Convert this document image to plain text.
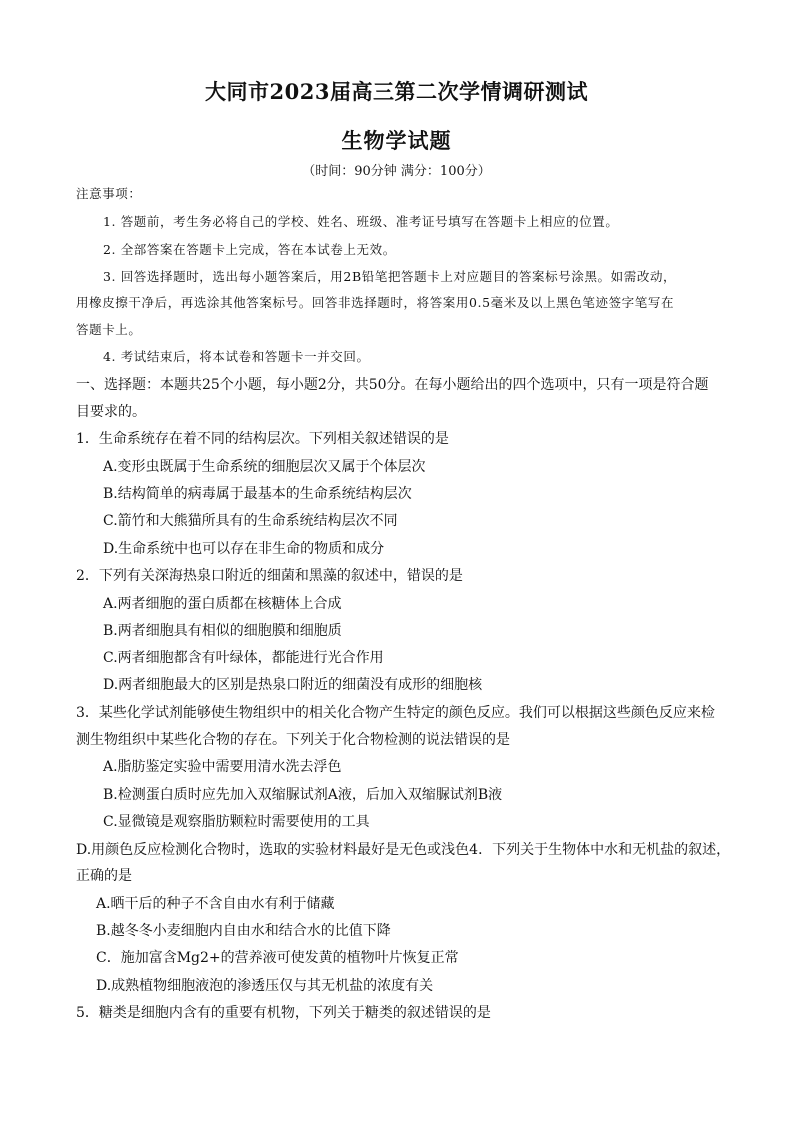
大同市2023届高三第二次学情调研测试
生物学试题
（时间：90分钟 满分：100分）
注意事项：
1. 答题前，考生务必将自己的学校、姓名、班级、准考证号填写在答题卡上相应的位置。
2. 全部答案在答题卡上完成，答在本试卷上无效。
3. 回答选择题时，选出每小题答案后，用2B铅笔把答题卡上对应题目的答案标号涂黑。如需改动，
用橡皮擦干净后，再选涂其他答案标号。回答非选择题时，将答案用0.5毫米及以上黑色笔迹签字笔写在
答题卡上。
4. 考试结束后，将本试卷和答题卡一并交回。
一、选择题：本题共25个小题，每小题2分，共50分。在每小题给出的四个选项中，只有一项是符合题
目要求的。
1．生命系统存在着不同的结构层次。下列相关叙述错误的是
A.变形虫既属于生命系统的细胞层次又属于个体层次
B.结构简单的病毒属于最基本的生命系统结构层次
C.箭竹和大熊猫所具有的生命系统结构层次不同
D.生命系统中也可以存在非生命的物质和成分
2．下列有关深海热泉口附近的细菌和黑藻的叙述中，错误的是
A.两者细胞的蛋白质都在核糖体上合成
B.两者细胞具有相似的细胞膜和细胞质
C.两者细胞都含有叶绿体，都能进行光合作用
D.两者细胞最大的区别是热泉口附近的细菌没有成形的细胞核
3．某些化学试剂能够使生物组织中的相关化合物产生特定的颜色反应。我们可以根据这些颜色反应来检
测生物组织中某些化合物的存在。下列关于化合物检测的说法错误的是
A.脂肪鉴定实验中需要用清水洗去浮色
B.检测蛋白质时应先加入双缩脲试剂A液，后加入双缩脲试剂B液
C.显微镜是观察脂肪颗粒时需要使用的工具
D.用颜色反应检测化合物时，选取的实验材料最好是无色或浅色4．下列关于生物体中水和无机盐的叙述，
正确的是
A.晒干后的种子不含自由水有利于储藏
B.越冬冬小麦细胞内自由水和结合水的比值下降
C．施加富含Mg2+的营养液可使发黄的植物叶片恢复正常
D.成熟植物细胞液泡的渗透压仅与其无机盐的浓度有关
5．糖类是细胞内含有的重要有机物，下列关于糖类的叙述错误的是
